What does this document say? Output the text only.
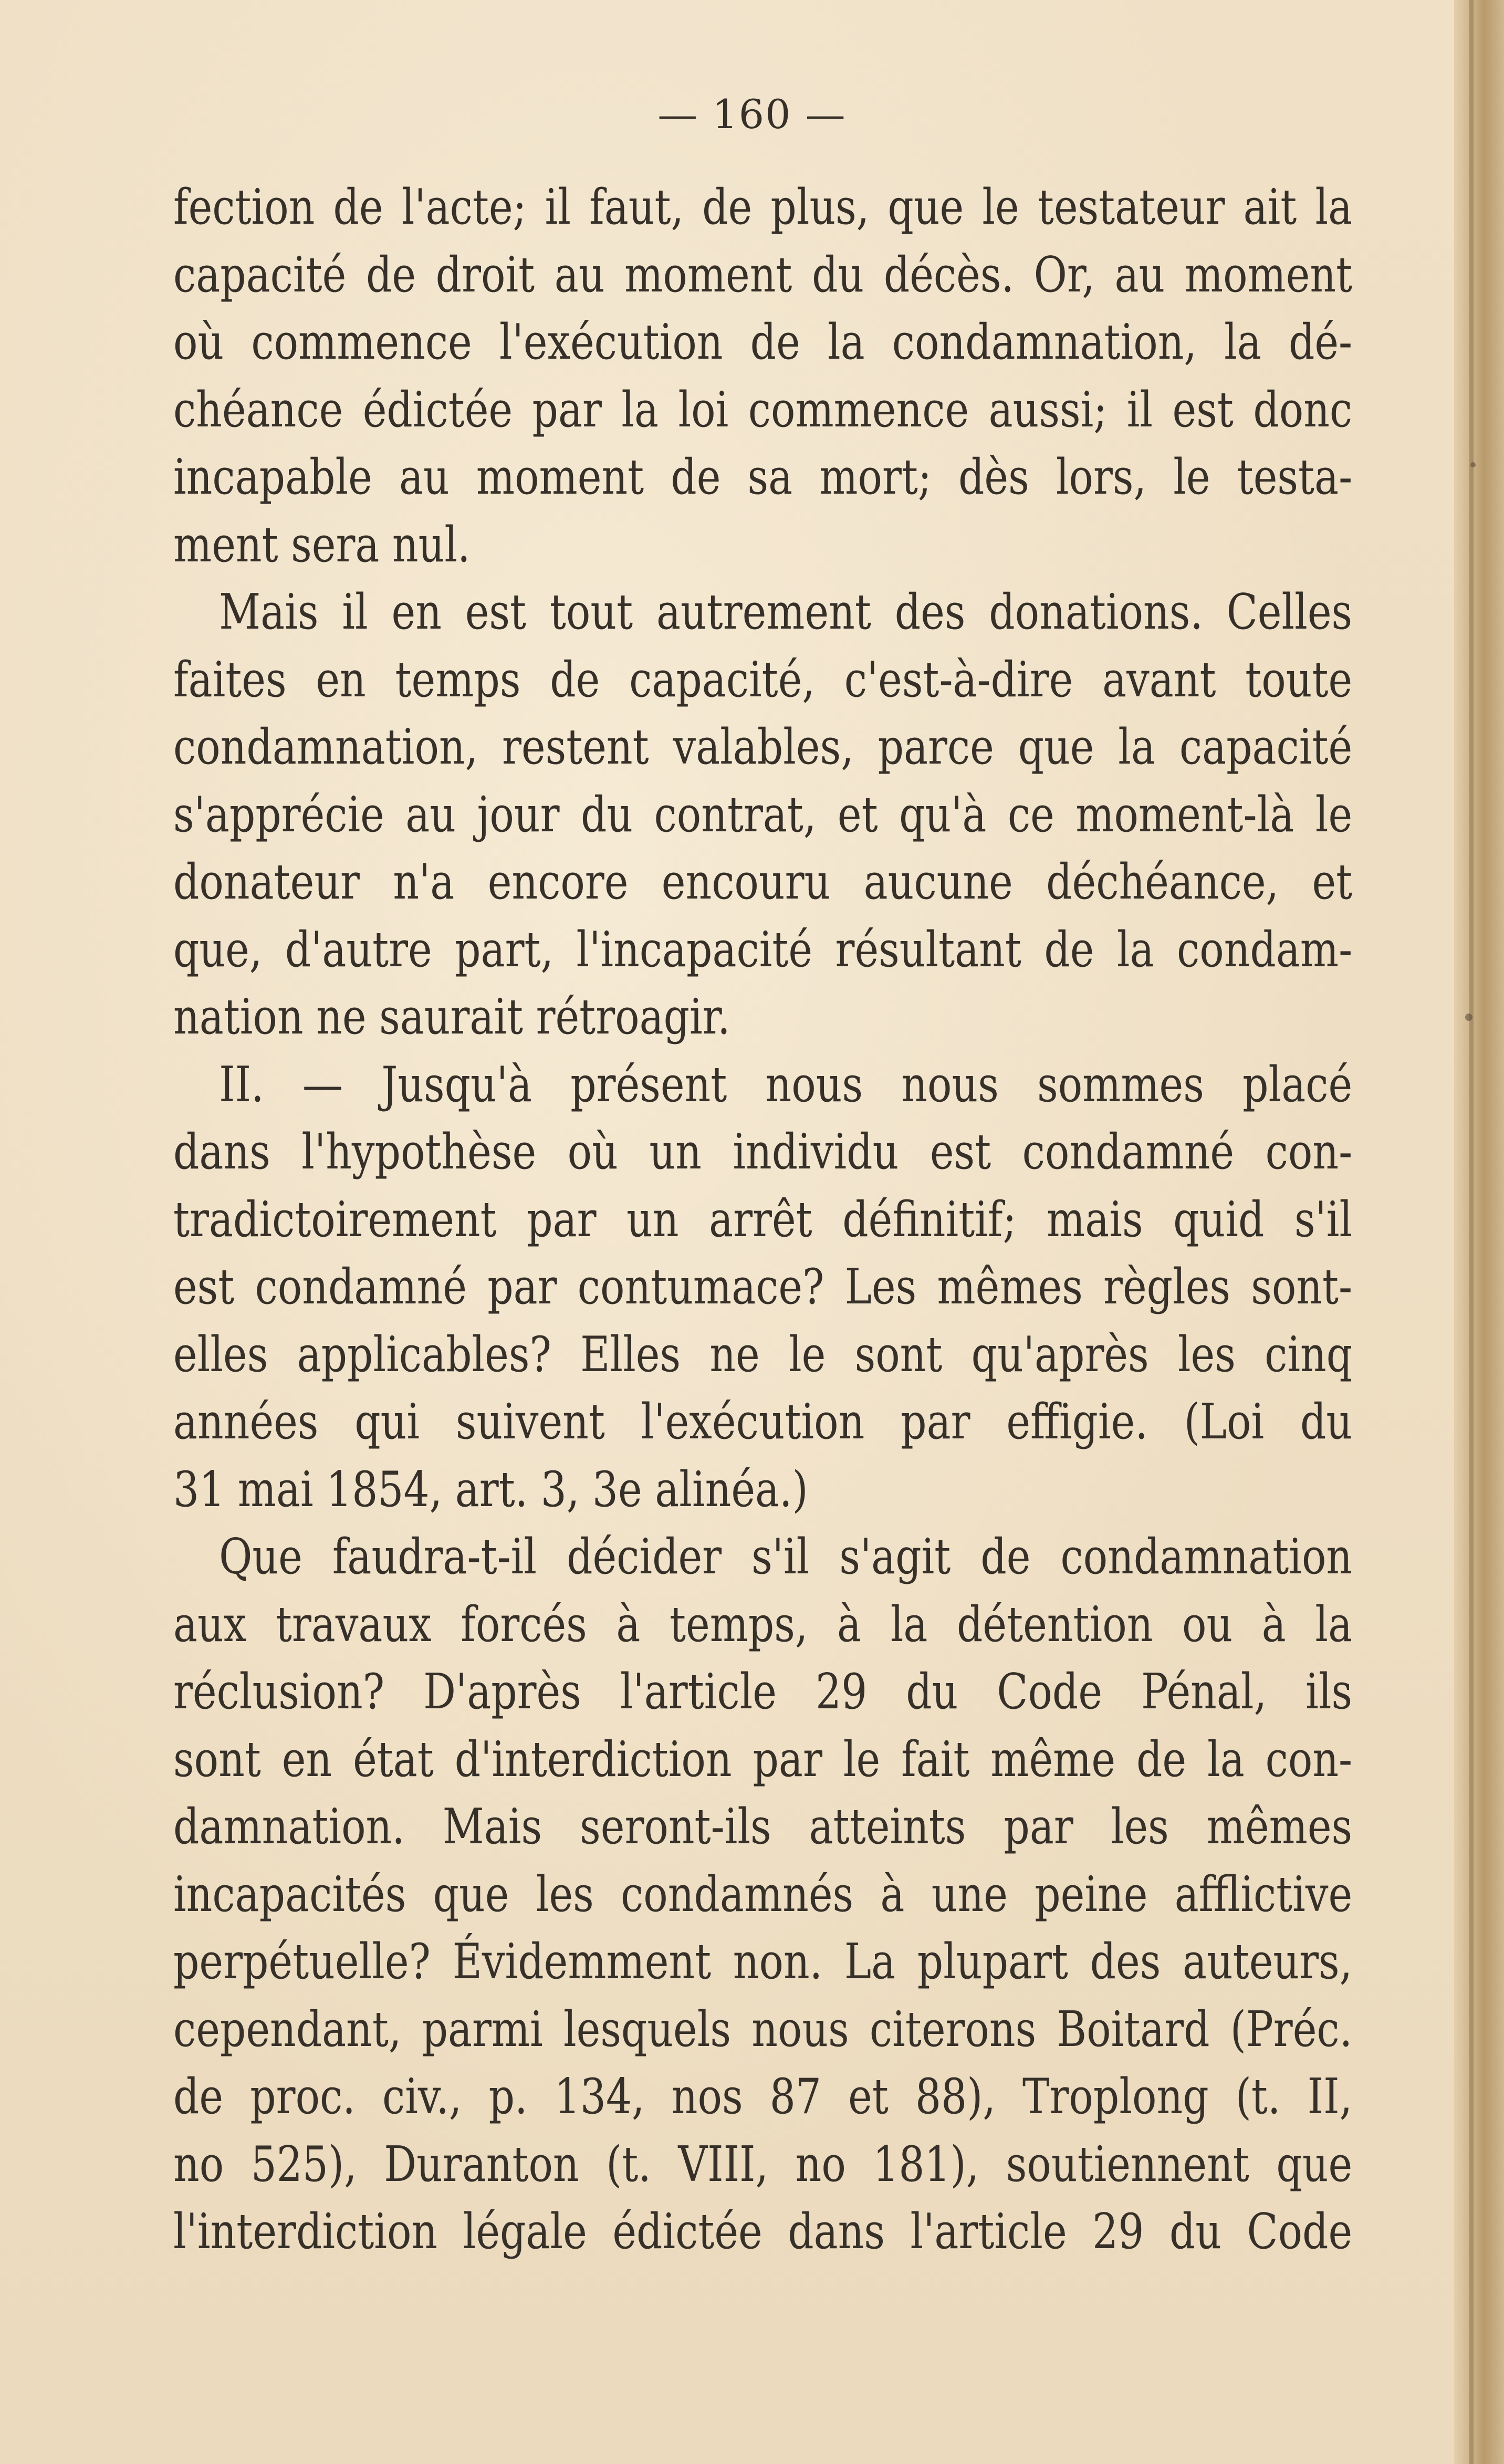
— 160 —
fection de l'acte; il faut, de plus, que le testateur ait la
capacité de droit au moment du décès. Or, au moment
où commence l'exécution de la condamnation, la dé-
chéance édictée par la loi commence aussi; il est donc
incapable au moment de sa mort; dès lors, le testa-
ment sera nul.
Mais il en est tout autrement des donations. Celles
faites en temps de capacité, c'est-à-dire avant toute
condamnation, restent valables, parce que la capacité
s'apprécie au jour du contrat, et qu'à ce moment-là le
donateur n'a encore encouru aucune déchéance, et
que, d'autre part, l'incapacité résultant de la condam-
nation ne saurait rétroagir.
II. — Jusqu'à présent nous nous sommes placé
dans l'hypothèse où un individu est condamné con-
tradictoirement par un arrêt définitif; mais quid s'il
est condamné par contumace? Les mêmes règles sont-
elles applicables? Elles ne le sont qu'après les cinq
années qui suivent l'exécution par effigie. (Loi du
31 mai 1854, art. 3, 3e alinéa.)
Que faudra-t-il décider s'il s'agit de condamnation
aux travaux forcés à temps, à la détention ou à la
réclusion? D'après l'article 29 du Code Pénal, ils
sont en état d'interdiction par le fait même de la con-
damnation. Mais seront-ils atteints par les mêmes
incapacités que les condamnés à une peine afflictive
perpétuelle? Évidemment non. La plupart des auteurs,
cependant, parmi lesquels nous citerons Boitard (Préc.
de proc. civ., p. 134, nos 87 et 88), Troplong (t. II,
no 525), Duranton (t. VIII, no 181), soutiennent que
l'interdiction légale édictée dans l'article 29 du Code
